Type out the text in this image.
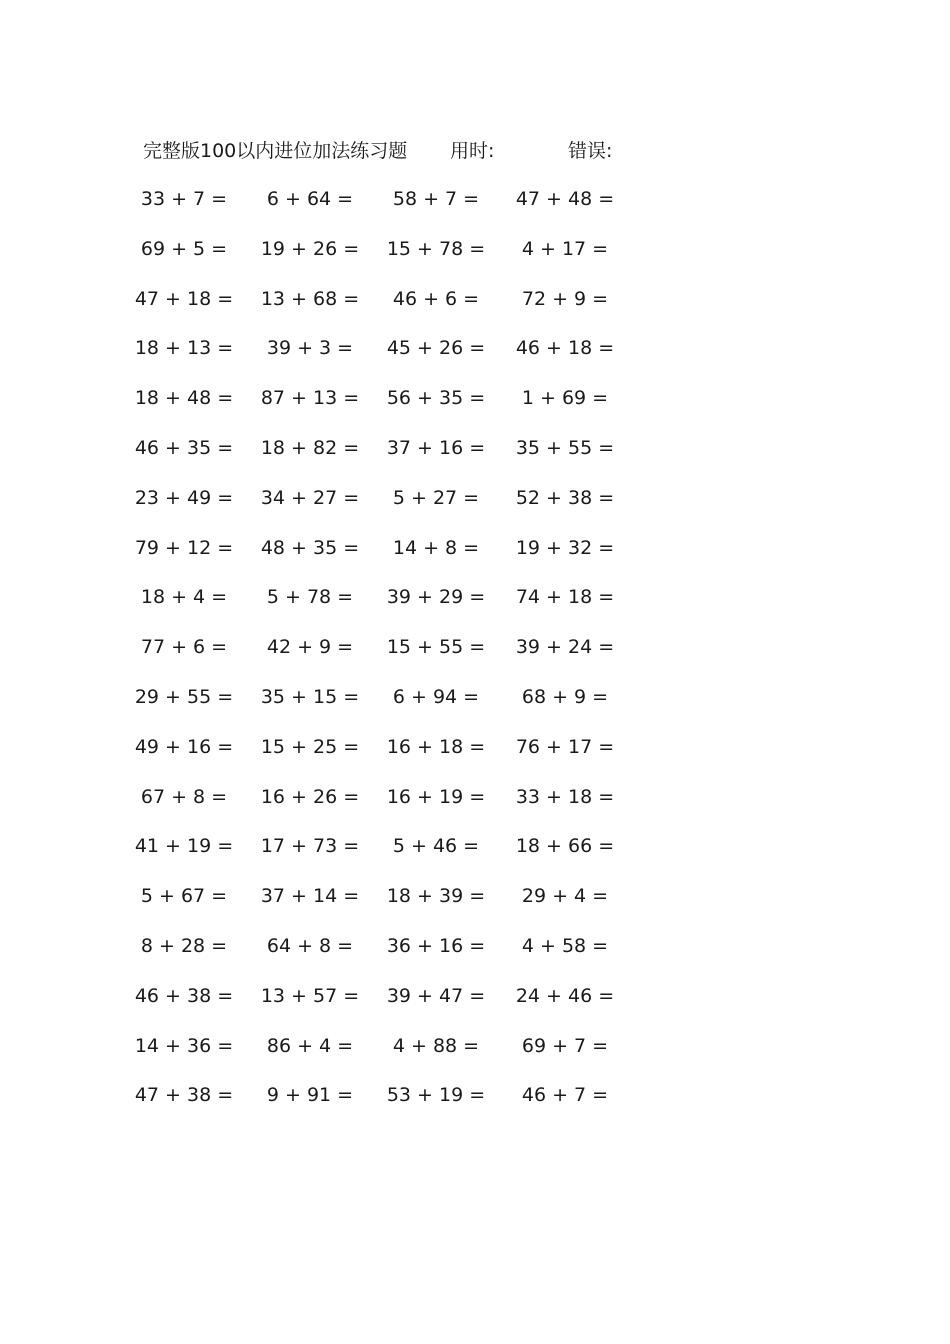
完整版100以内进位加法练习题 用时:	错误:
33 + 7 = 6 + 64 = 58 + 7 = 47 + 48 =
69 + 5 = 19 + 26 = 15 + 78 = 4 + 17 =
47 + 18 = 13 + 68 = 46 + 6 = 72 + 9 =
18 + 13 = 39 + 3 = 45 + 26 = 46 + 18 =
18 + 48 = 87 + 13 = 56 + 35 = 1 + 69 =
46 + 35 = 18 + 82 = 37 + 16 = 35 + 55 =
23 + 49 = 34 + 27 = 5 + 27 = 52 + 38 =
79 + 12 = 48 + 35 = 14 + 8 = 19 + 32 =
18 + 4 = 5 + 78 = 39 + 29 = 74 + 18 =
77 + 6 = 42 + 9 = 15 + 55 = 39 + 24 =
29 + 55 = 35 + 15 = 6 + 94 = 68 + 9 =
49 + 16 = 15 + 25 = 16 + 18 = 76 + 17 =
67 + 8 = 16 + 26 = 16 + 19 = 33 + 18 =
41 + 19 = 17 + 73 = 5 + 46 = 18 + 66 =
5 + 67 = 37 + 14 = 18 + 39 = 29 + 4 =
8 + 28 = 64 + 8 = 36 + 16 = 4 + 58 =
46 + 38 = 13 + 57 = 39 + 47 = 24 + 46 =
14 + 36 = 86 + 4 = 4 + 88 = 69 + 7 =
47 + 38 = 9 + 91 = 53 + 19 = 46 + 7 =
